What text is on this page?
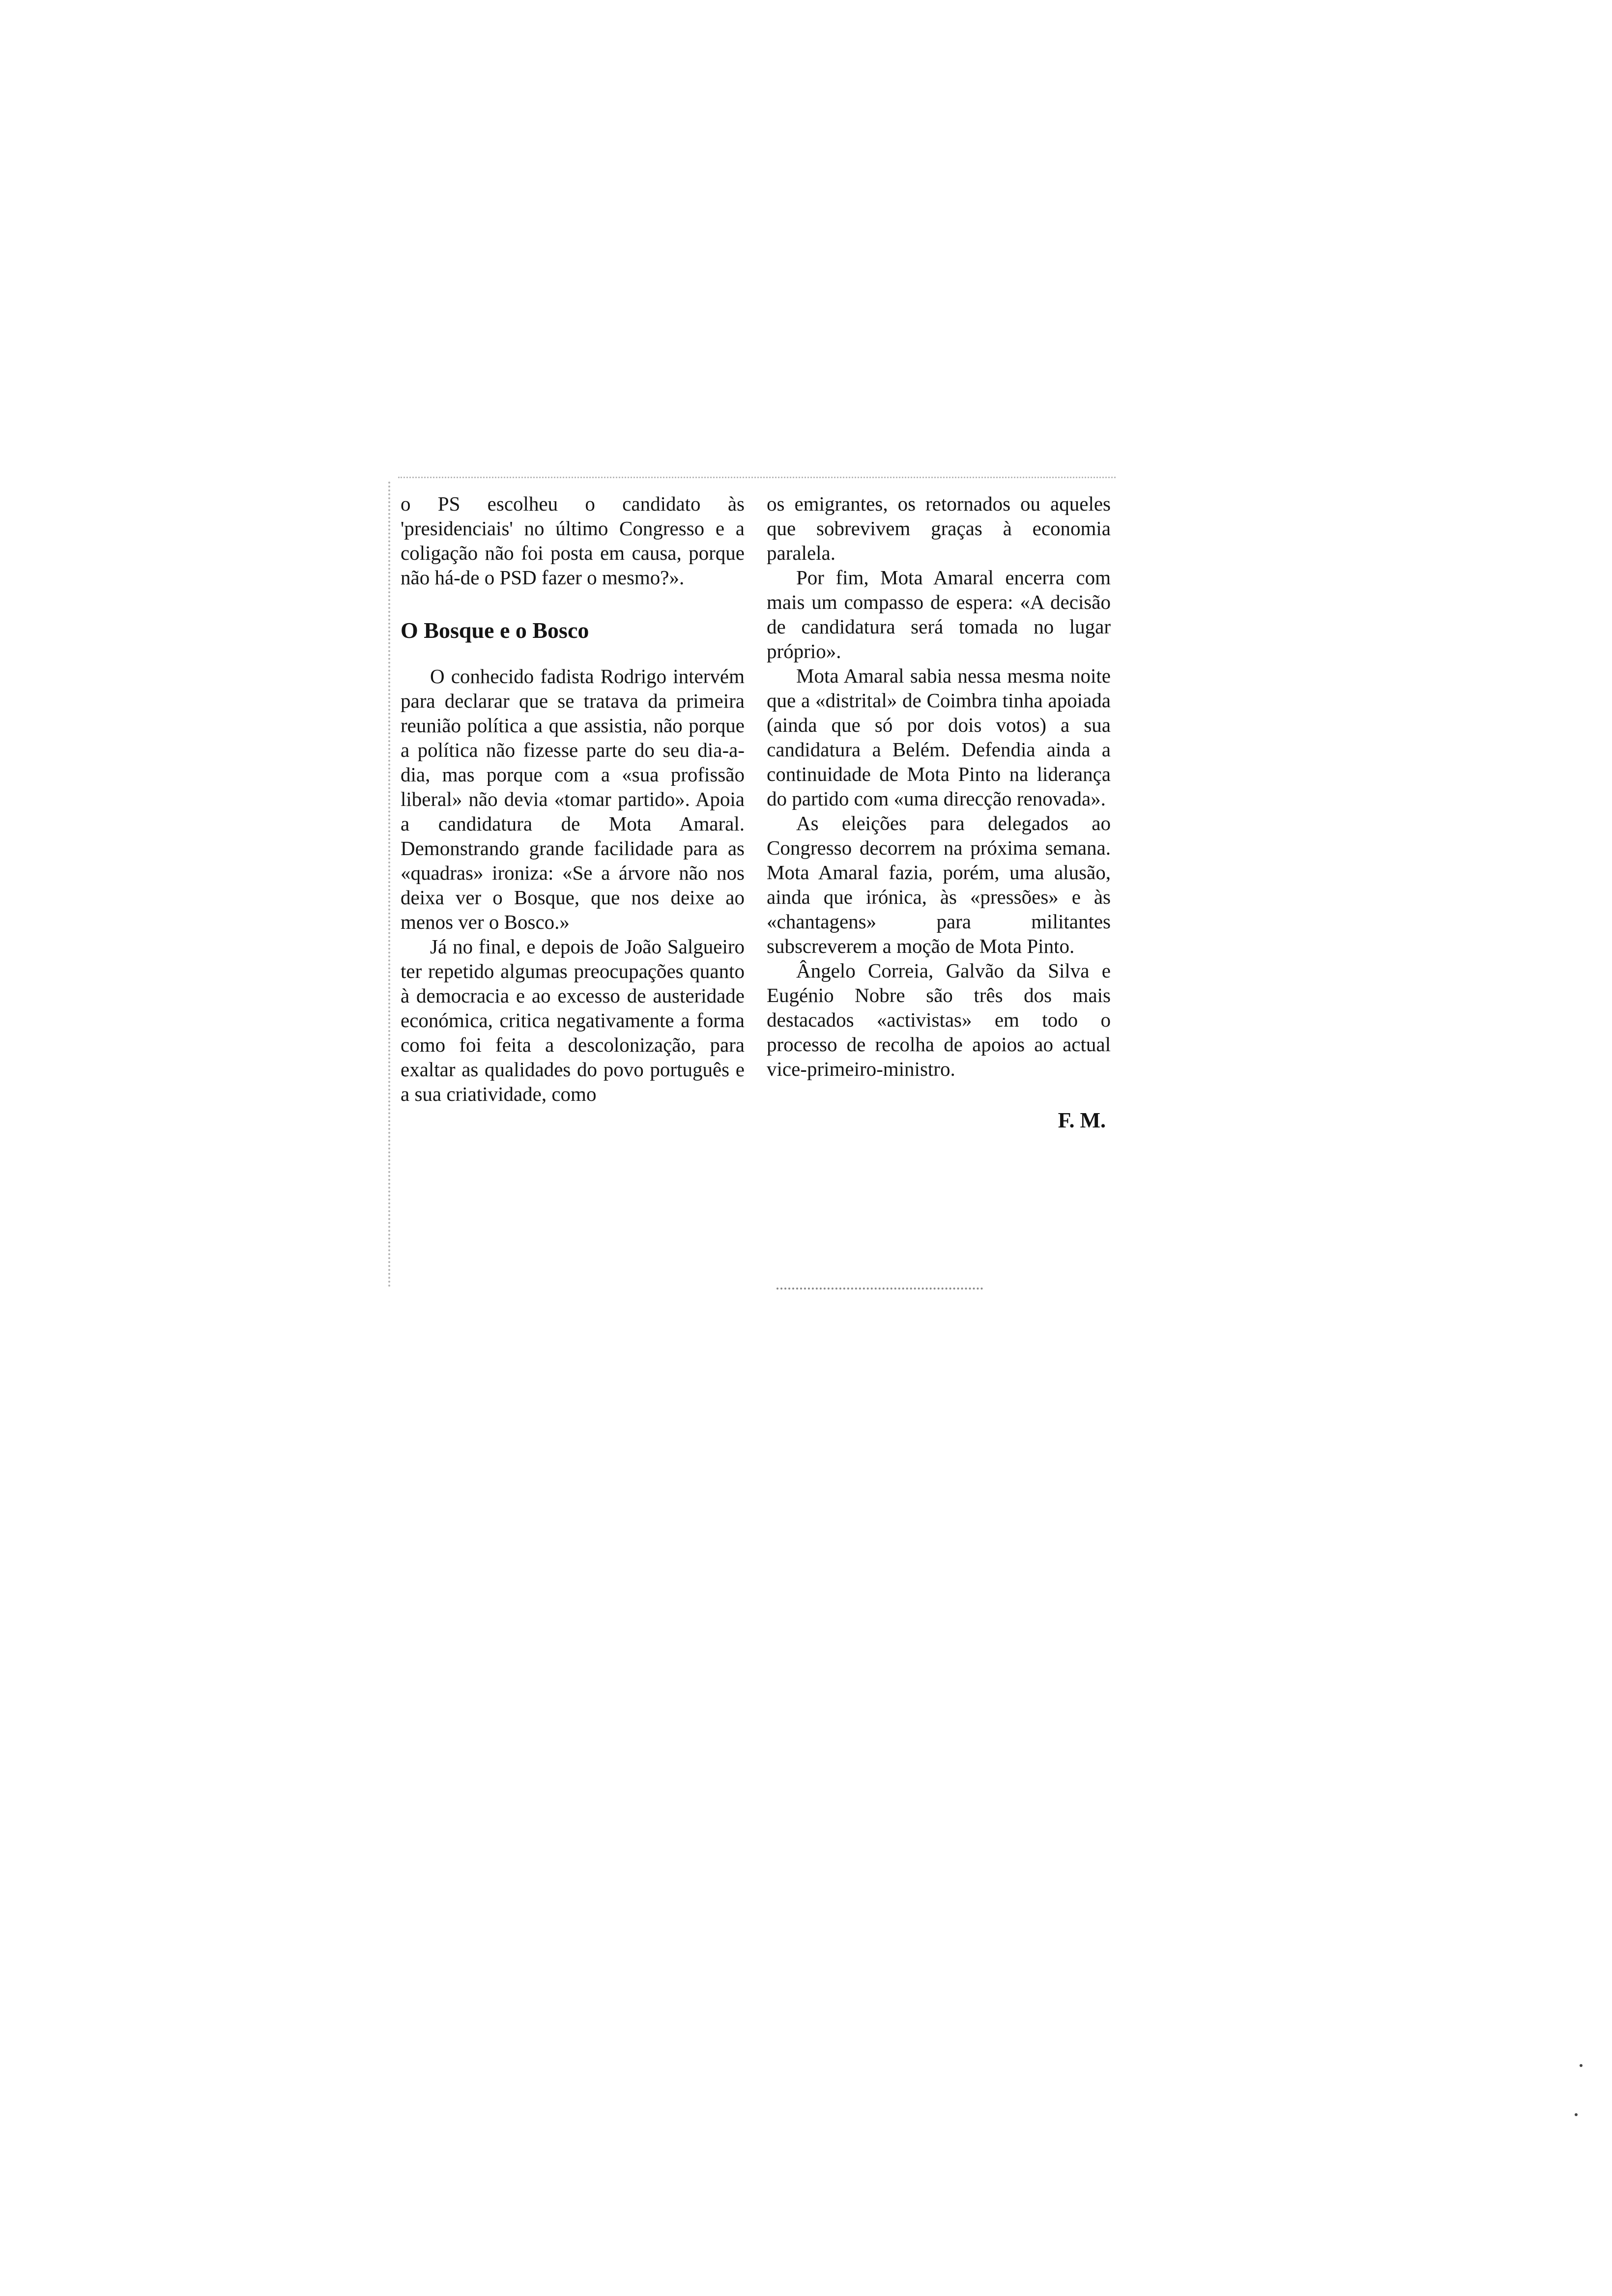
o PS escolheu o candidato às 'presidenciais' no último Congresso e a coligação não foi posta em causa, porque não há-de o PSD fazer o mesmo?».

O Bosque e o Bosco

O conhecido fadista Rodrigo intervém para declarar que se tratava da primeira reunião política a que assistia, não porque a política não fizesse parte do seu dia-a-dia, mas porque com a «sua profissão liberal» não devia «tomar partido». Apoia a candidatura de Mota Amaral. Demonstrando grande facilidade para as «quadras» ironiza: «Se a árvore não nos deixa ver o Bosque, que nos deixe ao menos ver o Bosco.»

Já no final, e depois de João Salgueiro ter repetido algumas preocupações quanto à democracia e ao excesso de austeridade económica, critica negativamente a forma como foi feita a descolonização, para exaltar as qualidades do povo português e a sua criatividade, como

os emigrantes, os retornados ou aqueles que sobrevivem graças à economia paralela.

Por fim, Mota Amaral encerra com mais um compasso de espera: «A decisão de candidatura será tomada no lugar próprio».

Mota Amaral sabia nessa mesma noite que a «distrital» de Coimbra tinha apoiada (ainda que só por dois votos) a sua candidatura a Belém. Defendia ainda a continuidade de Mota Pinto na liderança do partido com «uma direcção renovada».

As eleições para delegados ao Congresso decorrem na próxima semana. Mota Amaral fazia, porém, uma alusão, ainda que irónica, às «pressões» e às «chantagens» para militantes subscreverem a moção de Mota Pinto.

Ângelo Correia, Galvão da Silva e Eugénio Nobre são três dos mais destacados «activistas» em todo o processo de recolha de apoios ao actual vice-primeiro-ministro.

F. M.
